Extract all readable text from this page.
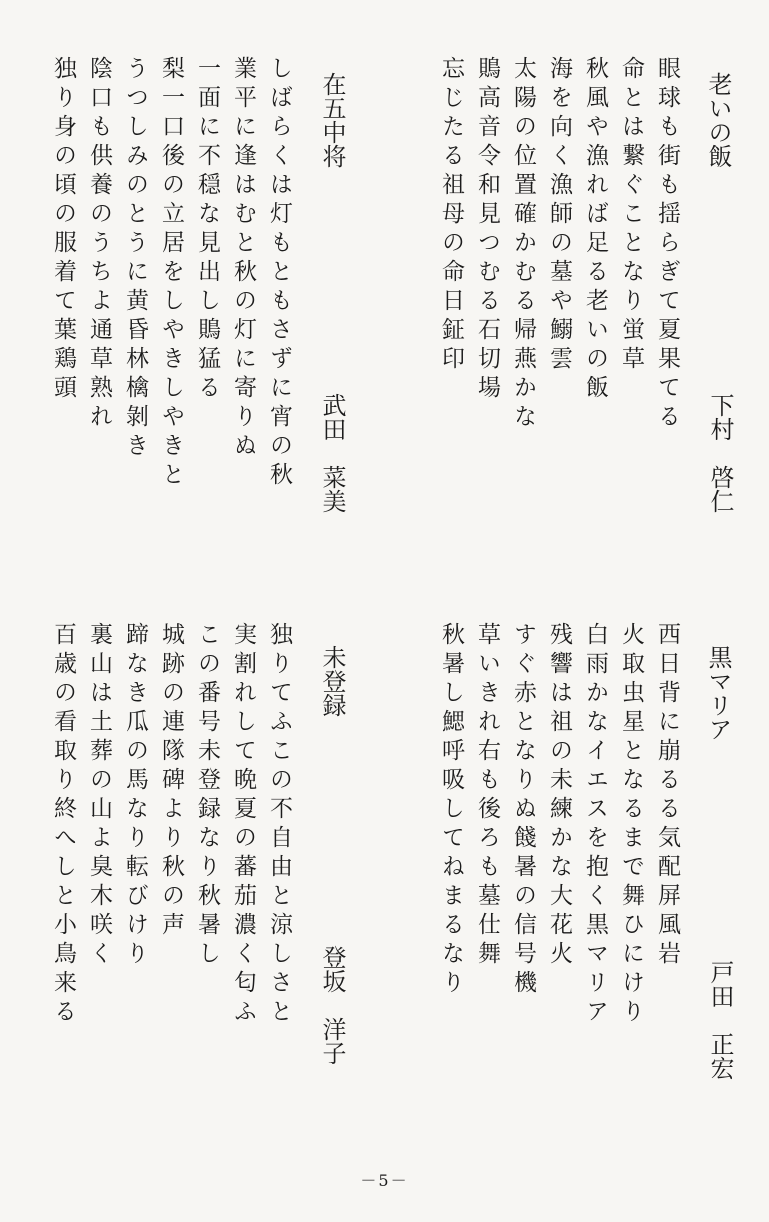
老いの飯
下村　啓仁
眼球も街も揺らぎて夏果てる
命とは繋ぐことなり蛍草
秋風や漁れば足る老いの飯
海を向く漁師の墓や鰯雲
太陽の位置確かむる帰燕かな
鵙高音令和見つむる石切場
忘じたる祖母の命日鉦印
在五中将
武田　菜美
しばらくは灯もともさずに宵の秋
業平に逢はむと秋の灯に寄りぬ
一面に不穏な見出し鵙猛る
梨一口後の立居をしやきしやきと
うつしみのとうに黄昏林檎剝き
陰口も供養のうちよ通草熟れ
独り身の頃の服着て葉鶏頭
黒マリア
戸田　正宏
西日背に崩るる気配屏風岩
火取虫星となるまで舞ひにけり
白雨かなイエスを抱く黒マリア
残響は祖の未練かな大花火
すぐ赤となりぬ餞暑の信号機
草いきれ右も後ろも墓仕舞
秋暑し鰓呼吸してねまるなり
未登録
登坂　洋子
独りてふこの不自由と涼しさと
実割れして晩夏の蕃茄濃く匂ふ
この番号未登録なり秋暑し
城跡の連隊碑より秋の声
蹄なき瓜の馬なり転びけり
裏山は土葬の山よ臭木咲く
百歳の看取り終へしと小鳥来る
－5－
